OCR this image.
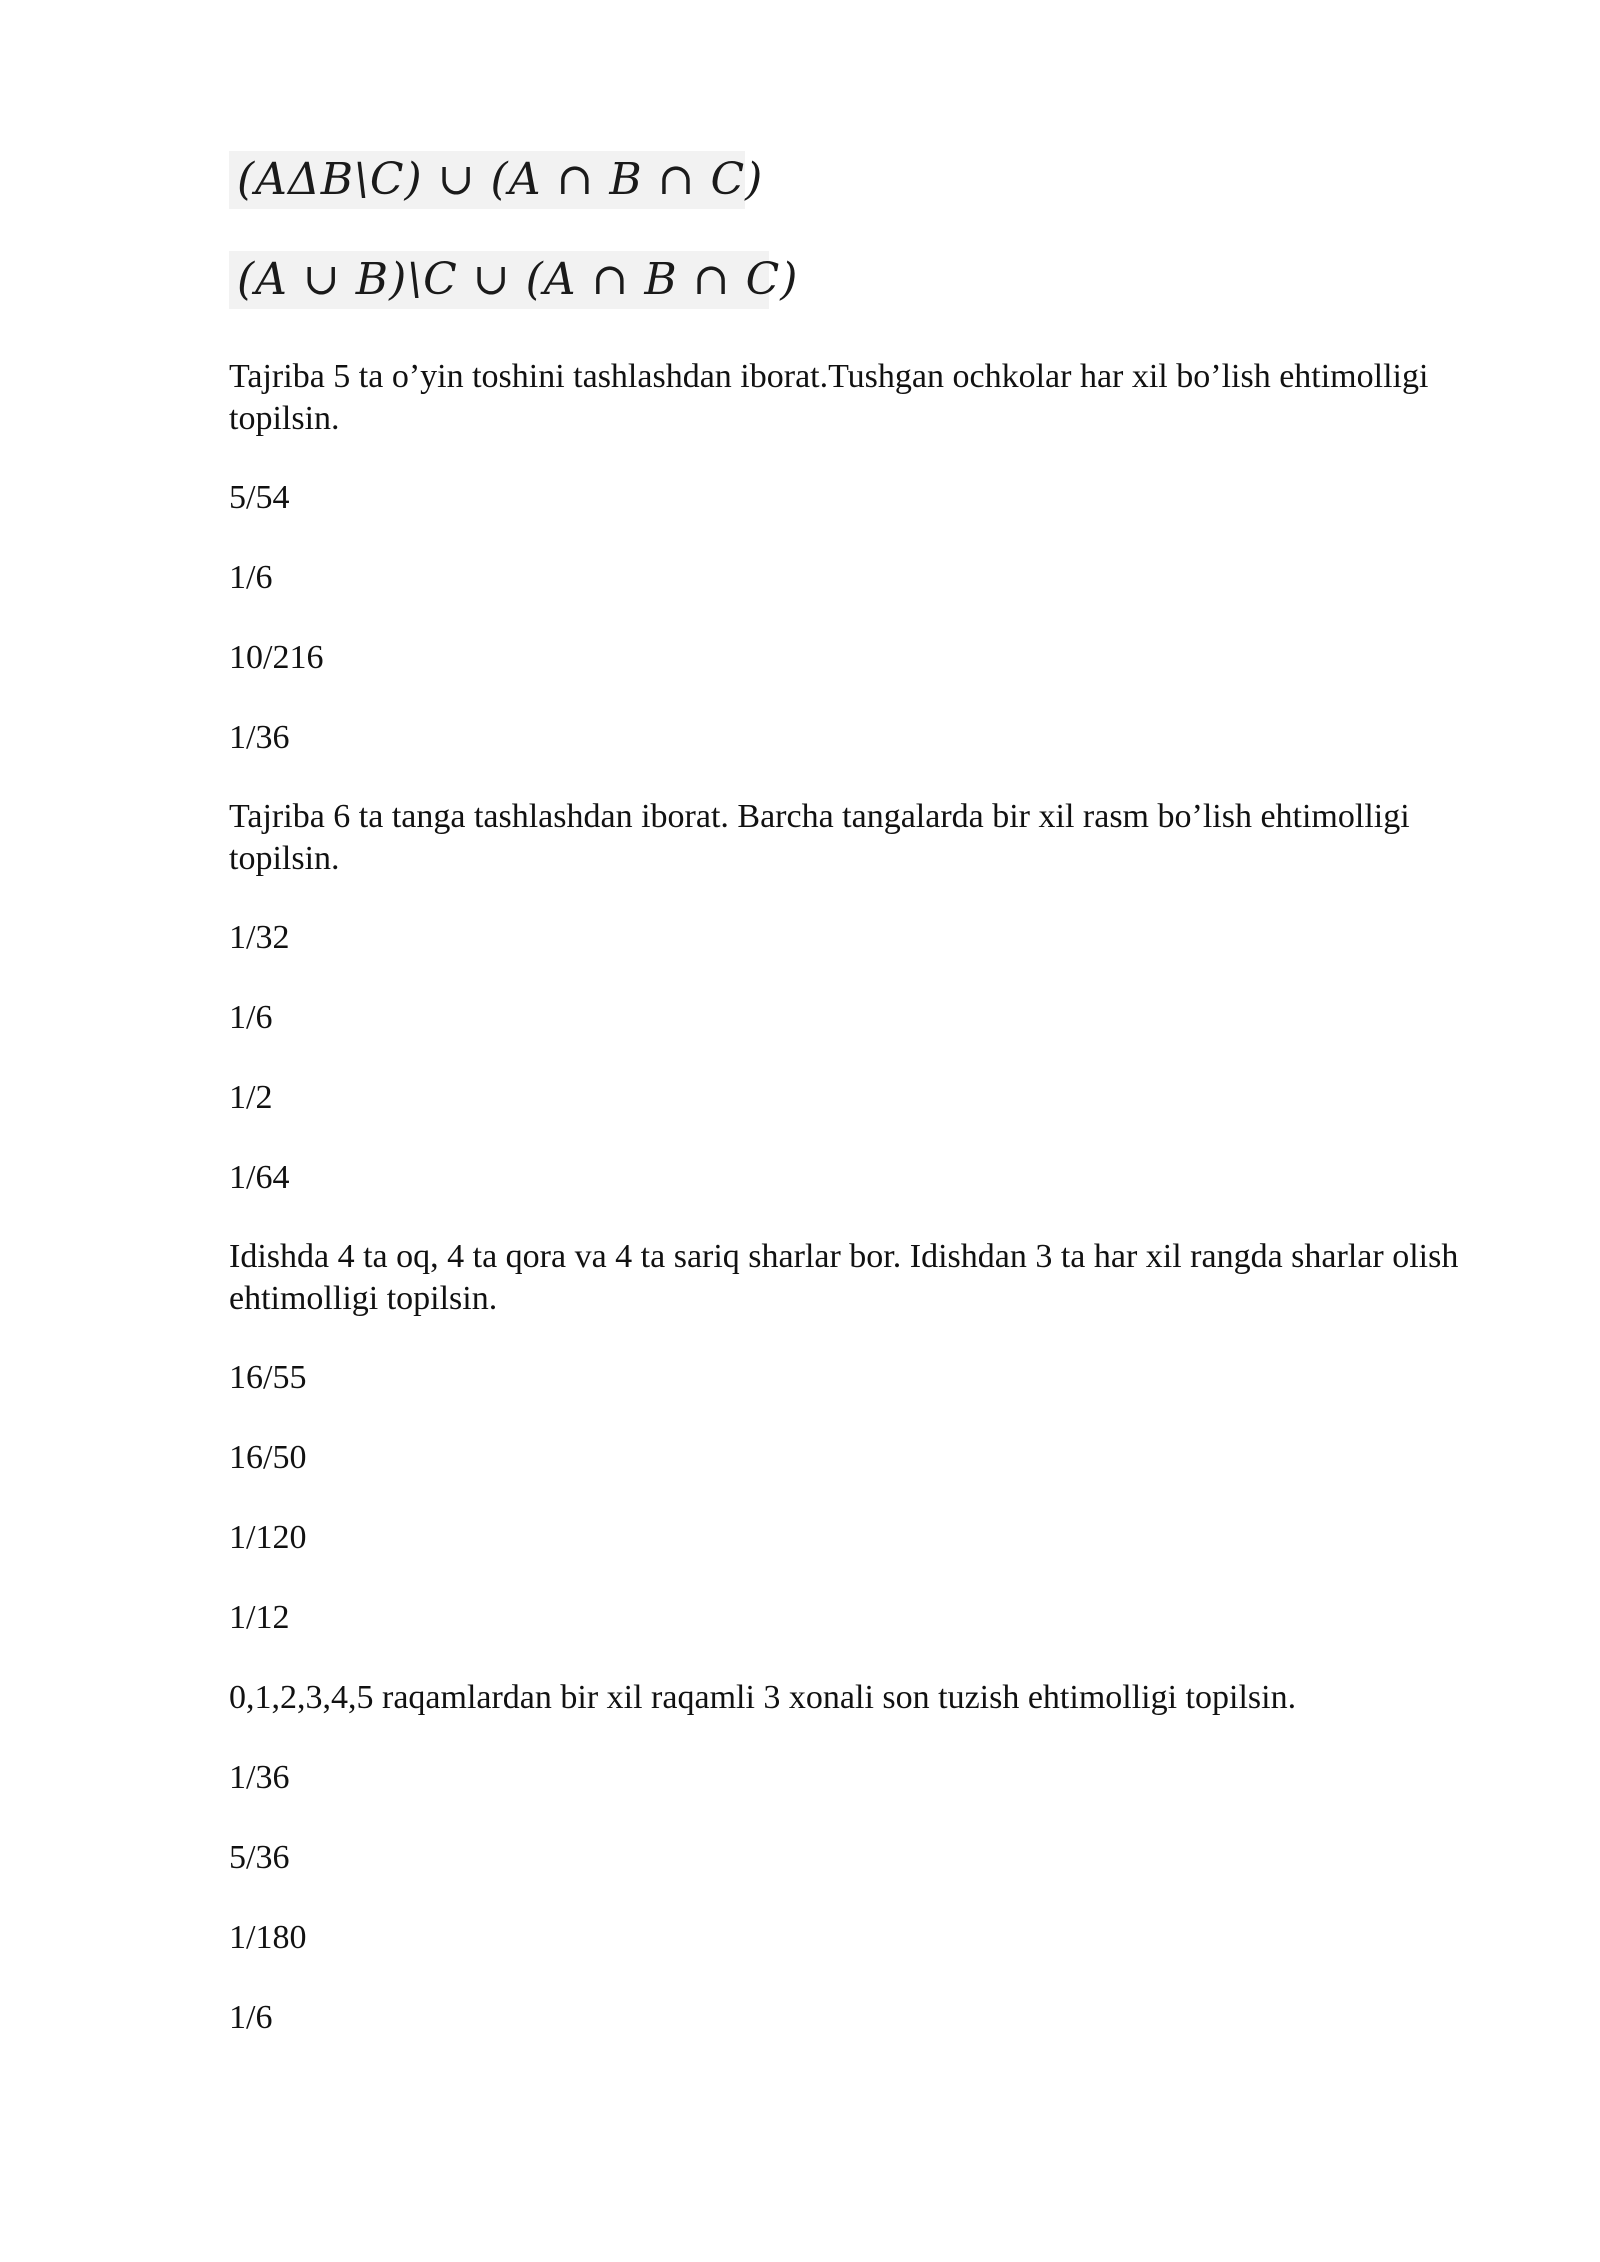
(AΔB\C) ∪ (A ∩ B ∩ C)
(A ∪ B)\C ∪ (A ∩ B ∩ C)
Tajriba 5 ta o’yin toshini tashlashdan iborat.Tushgan ochkolar har xil bo’lish ehtimolligi topilsin.
5/54
1/6
10/216
1/36
Tajriba 6 ta tanga tashlashdan iborat. Barcha tangalarda bir xil rasm bo’lish ehtimolligi topilsin.
1/32
1/6
1/2
1/64
Idishda 4 ta oq, 4 ta qora va 4 ta sariq sharlar bor. Idishdan 3 ta har xil rangda sharlar olish ehtimolligi topilsin.
16/55
16/50
1/120
1/12
0,1,2,3,4,5 raqamlardan bir xil raqamli 3 xonali son tuzish ehtimolligi topilsin.
1/36
5/36
1/180
1/6
